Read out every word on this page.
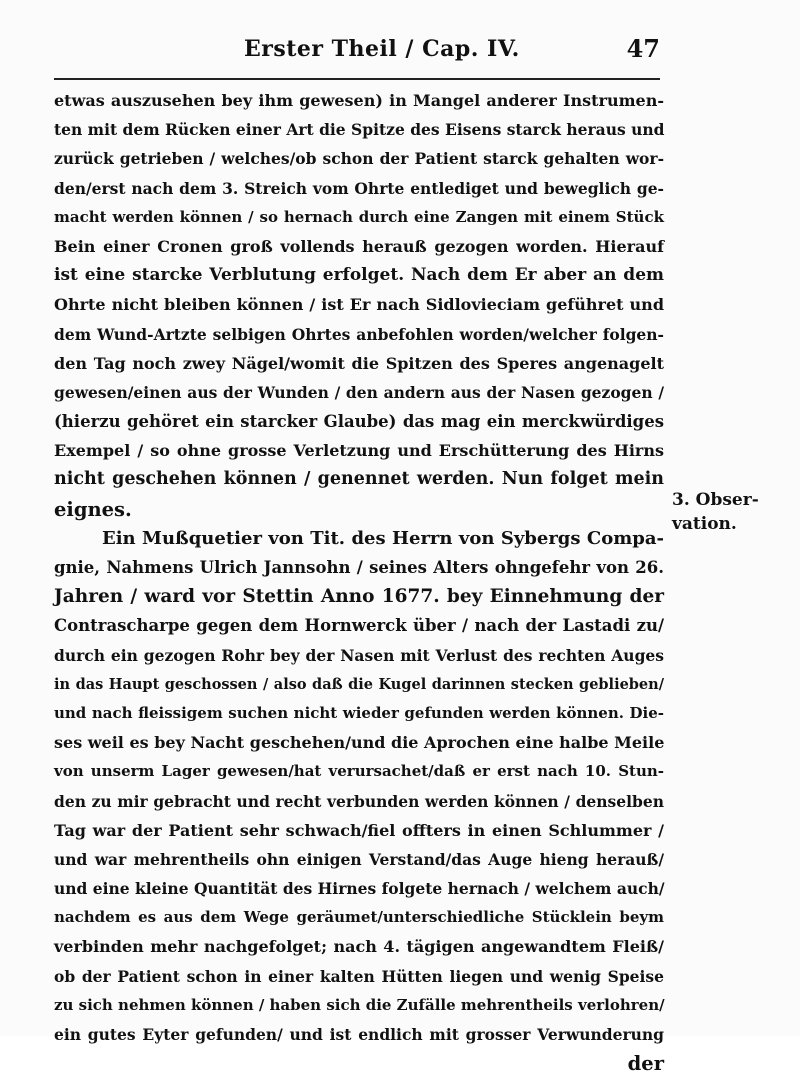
Erster Theil / Cap. IV.	47
etwas auszusehen bey ihm gewesen) in Mangel anderer Instrumen-
ten mit dem Rücken einer Art die Spitze des Eisens starck heraus und
zurück getrieben / welches/ob schon der Patient starck gehalten wor-
den/erst nach dem 3. Streich vom Ohrte entlediget und beweglich ge-
macht werden können / so hernach durch eine Zangen mit einem Stück
Bein einer Cronen groß vollends herauß gezogen worden. Hierauf
ist eine starcke Verblutung erfolget. Nach dem Er aber an dem
Ohrte nicht bleiben können / ist Er nach Sidlovieciam geführet und
dem Wund-Artzte selbigen Ohrtes anbefohlen worden/welcher folgen-
den Tag noch zwey Nägel/womit die Spitzen des Speres angenagelt
gewesen/einen aus der Wunden / den andern aus der Nasen gezogen /
(hierzu gehöret ein starcker Glaube) das mag ein merckwürdiges
Exempel / so ohne grosse Verletzung und Erschütterung des Hirns
nicht geschehen können / genennet werden. Nun folget mein
eignes.
Ein Mußquetier von Tit. des Herrn von Sybergs Compa-
gnie, Nahmens Ulrich Jannsohn / seines Alters ohngefehr von 26.
Jahren / ward vor Stettin Anno 1677. bey Einnehmung der
Contrascharpe gegen dem Hornwerck über / nach der Lastadi zu/
durch ein gezogen Rohr bey der Nasen mit Verlust des rechten Auges
in das Haupt geschossen / also daß die Kugel darinnen stecken geblieben/
und nach fleissigem suchen nicht wieder gefunden werden können. Die-
ses weil es bey Nacht geschehen/und die Aprochen eine halbe Meile
von unserm Lager gewesen/hat verursachet/daß er erst nach 10. Stun-
den zu mir gebracht und recht verbunden werden können / denselben
Tag war der Patient sehr schwach/fiel offters in einen Schlummer /
und war mehrentheils ohn einigen Verstand/das Auge hieng herauß/
und eine kleine Quantität des Hirnes folgete hernach / welchem auch/
nachdem es aus dem Wege geräumet/unterschiedliche Stücklein beym
verbinden mehr nachgefolget; nach 4. tägigen angewandtem Fleiß/
ob der Patient schon in einer kalten Hütten liegen und wenig Speise
zu sich nehmen können / haben sich die Zufälle mehrentheils verlohren/
ein gutes Eyter gefunden/ und ist endlich mit grosser Verwunderung
der
3. Obser-
vation.
